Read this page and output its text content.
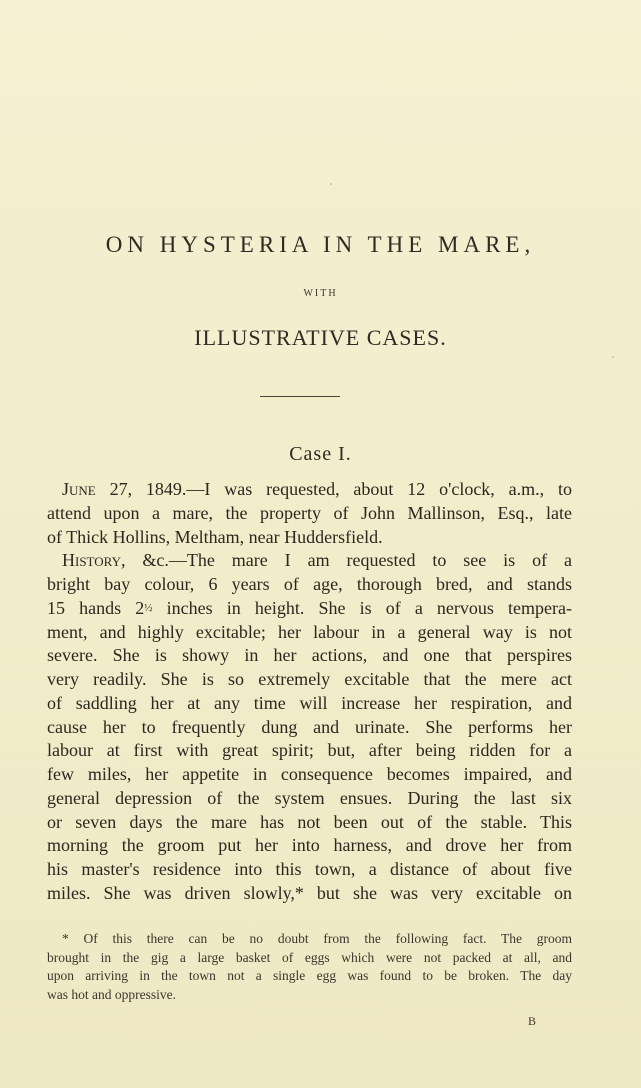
ON HYSTERIA IN THE MARE,
WITH
ILLUSTRATIVE CASES.
Case I.
June 27, 1849.—I was requested, about 12 o'clock, a.m., to
attend upon a mare, the property of John Mallinson, Esq., late
of Thick Hollins, Meltham, near Huddersfield.
History, &c.—The mare I am requested to see is of a
bright bay colour, 6 years of age, thorough bred, and stands
15 hands 2½ inches in height. She is of a nervous tempera-
ment, and highly excitable; her labour in a general way is not
severe. She is showy in her actions, and one that perspires
very readily. She is so extremely excitable that the mere act
of saddling her at any time will increase her respiration, and
cause her to frequently dung and urinate. She performs her
labour at first with great spirit; but, after being ridden for a
few miles, her appetite in consequence becomes impaired, and
general depression of the system ensues. During the last six
or seven days the mare has not been out of the stable. This
morning the groom put her into harness, and drove her from
his master's residence into this town, a distance of about five
miles. She was driven slowly,* but she was very excitable on
* Of this there can be no doubt from the following fact. The groom
brought in the gig a large basket of eggs which were not packed at all, and
upon arriving in the town not a single egg was found to be broken. The day
was hot and oppressive.
B
